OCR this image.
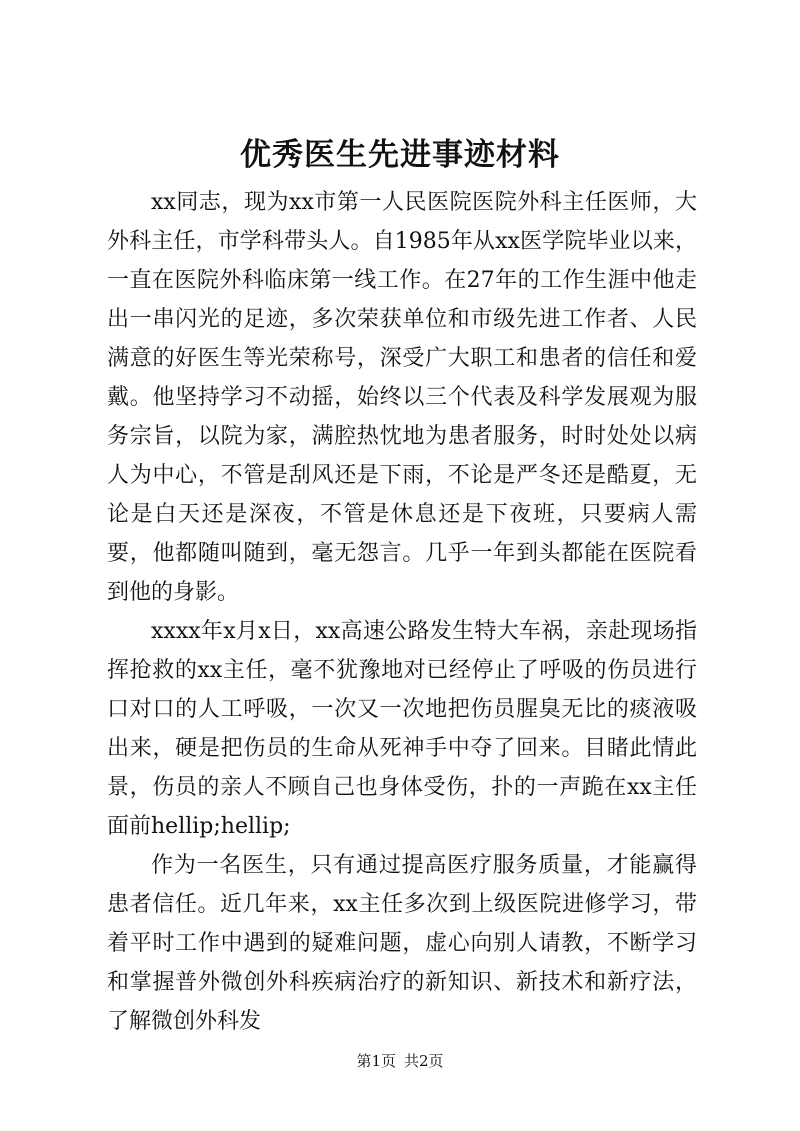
优秀医生先进事迹材料

xx同志，现为xx市第一人民医院医院外科主任医师，大外科主任，市学科带头人。自1985年从xx医学院毕业以来，一直在医院外科临床第一线工作。在27年的工作生涯中他走出一串闪光的足迹，多次荣获单位和市级先进工作者、人民满意的好医生等光荣称号，深受广大职工和患者的信任和爱戴。他坚持学习不动摇，始终以三个代表及科学发展观为服务宗旨，以院为家，满腔热忱地为患者服务，时时处处以病人为中心，不管是刮风还是下雨，不论是严冬还是酷夏，无论是白天还是深夜，不管是休息还是下夜班，只要病人需要，他都随叫随到，毫无怨言。几乎一年到头都能在医院看到他的身影。

xxxx年x月x日，xx高速公路发生特大车祸，亲赴现场指挥抢救的xx主任，毫不犹豫地对已经停止了呼吸的伤员进行口对口的人工呼吸，一次又一次地把伤员腥臭无比的痰液吸出来，硬是把伤员的生命从死神手中夺了回来。目睹此情此景，伤员的亲人不顾自己也身体受伤，扑的一声跪在xx主任面前hellip;hellip;

作为一名医生，只有通过提高医疗服务质量，才能赢得患者信任。近几年来，xx主任多次到上级医院进修学习，带着平时工作中遇到的疑难问题，虚心向别人请教，不断学习和掌握普外微创外科疾病治疗的新知识、新技术和新疗法，了解微创外科发

第1页 共2页
